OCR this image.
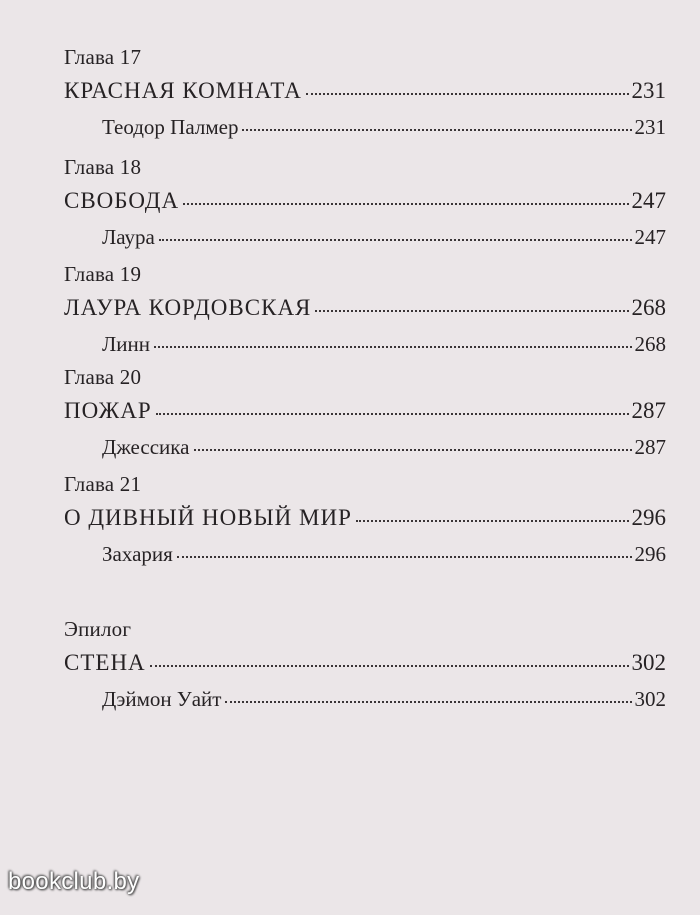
Глава 17
КРАСНАЯ КОМНАТА	231
Теодор Палмер	231
Глава 18
СВОБОДА	247
Лаура	247
Глава 19
ЛАУРА КОРДОВСКАЯ	268
Линн	268
Глава 20
ПОЖАР	287
Джессика	287
Глава 21
О ДИВНЫЙ НОВЫЙ МИР	296
Захария	296
Эпилог
СТЕНА	302
Дэймон Уайт	302
bookclub.by
